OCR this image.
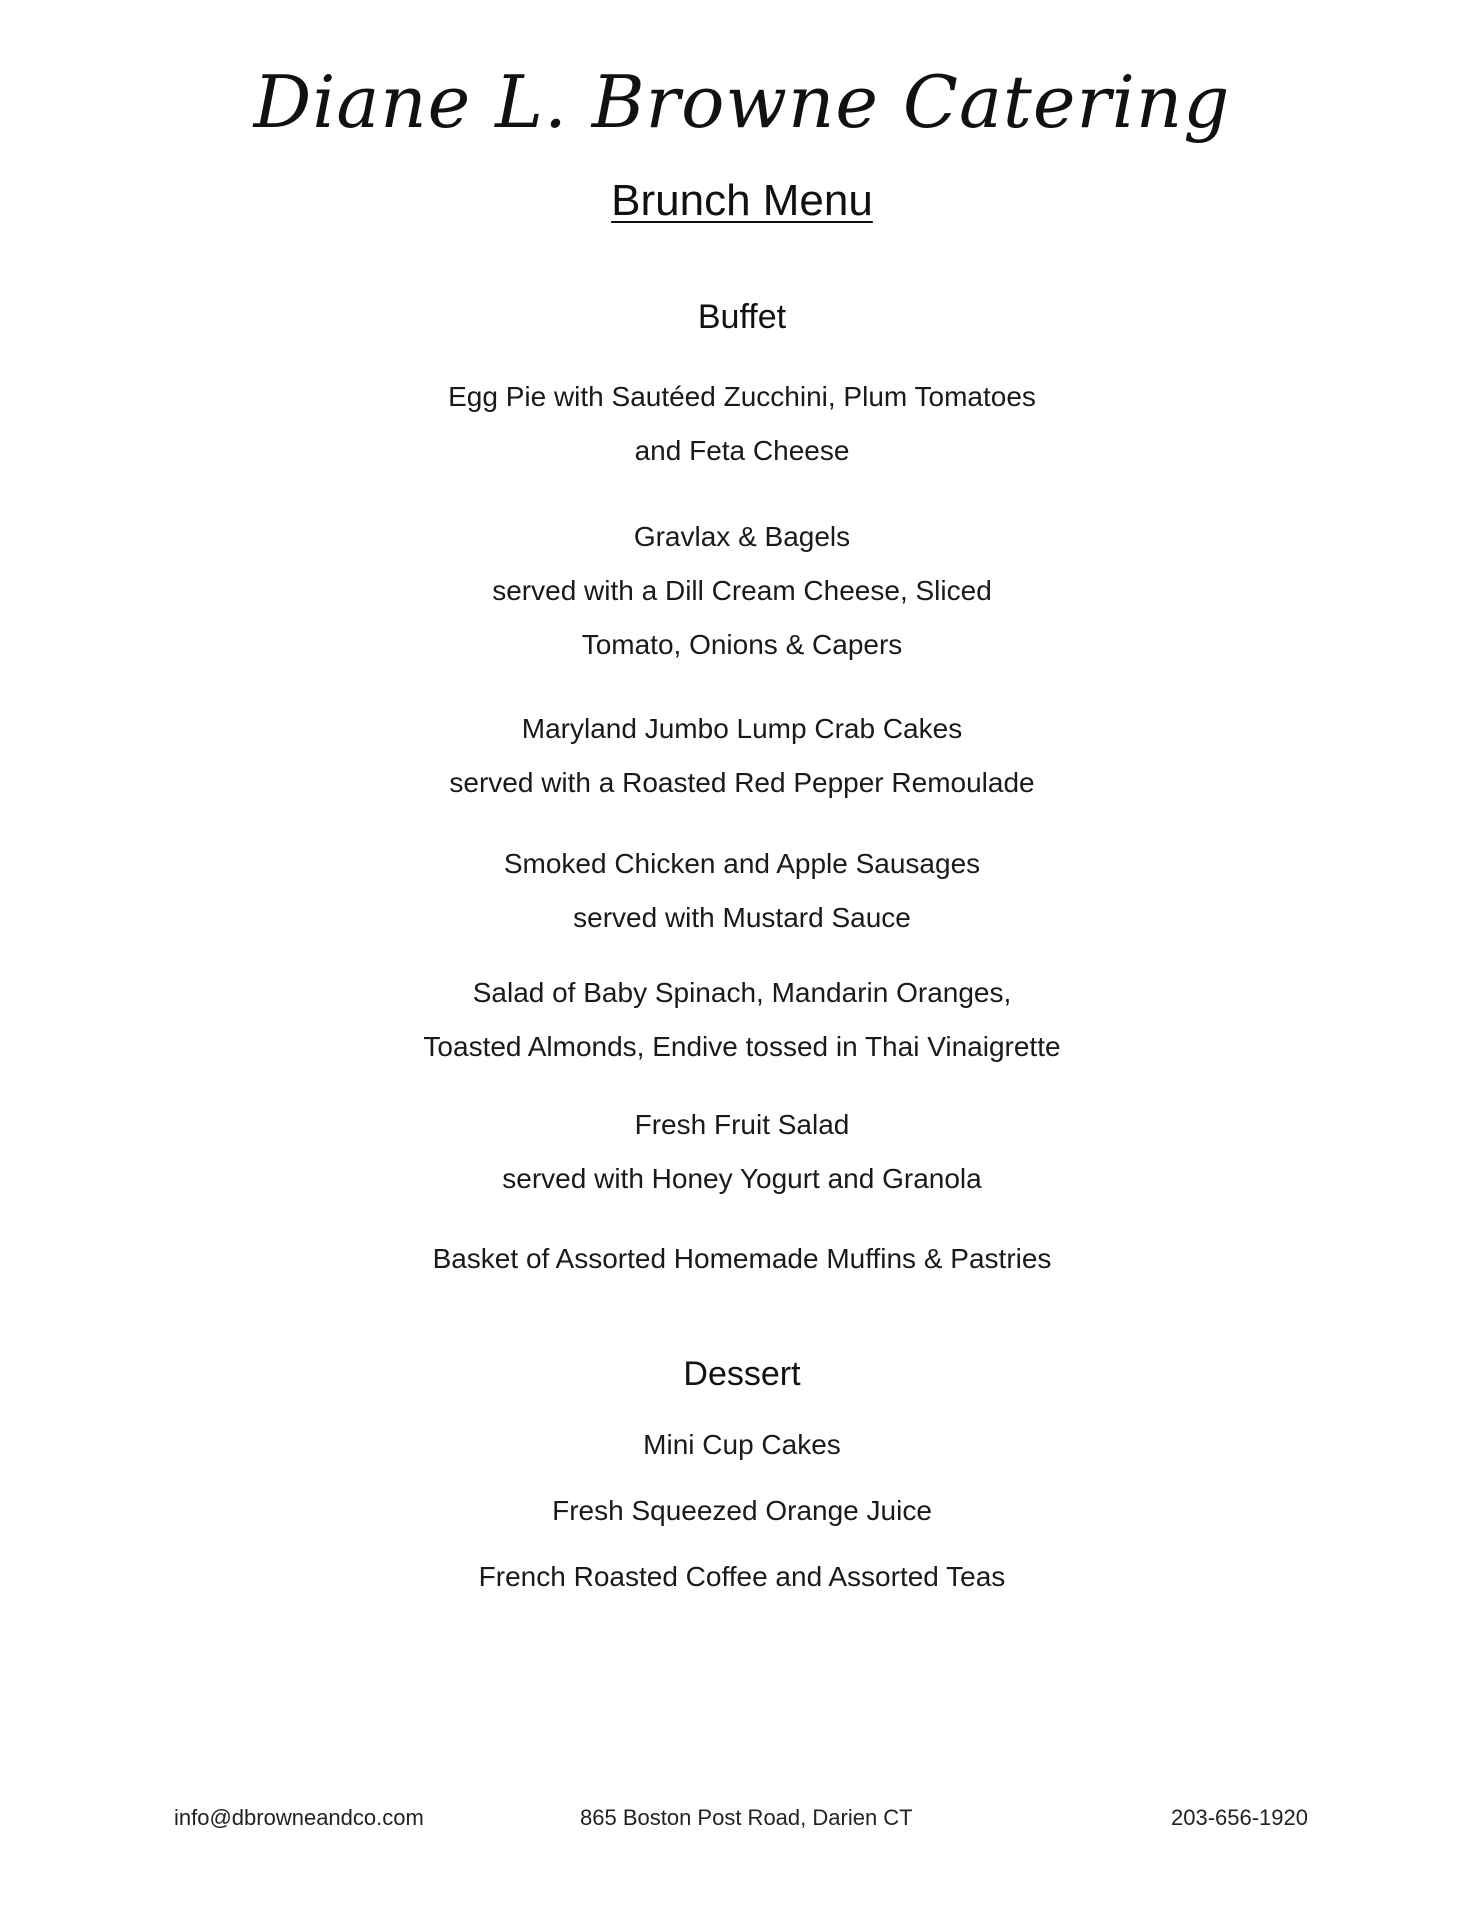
Diane L. Browne Catering
Brunch Menu
Buffet
Egg Pie with Sautéed Zucchini, Plum Tomatoes
and Feta Cheese
Gravlax & Bagels
served with a Dill Cream Cheese, Sliced
Tomato, Onions & Capers
Maryland Jumbo Lump Crab Cakes
served with a Roasted Red Pepper Remoulade
Smoked Chicken and Apple Sausages
served with Mustard Sauce
Salad of Baby Spinach, Mandarin Oranges,
Toasted Almonds, Endive tossed in Thai Vinaigrette
Fresh Fruit Salad
served with Honey Yogurt and Granola
Basket of Assorted Homemade Muffins & Pastries
Dessert
Mini Cup Cakes
Fresh Squeezed Orange Juice
French Roasted Coffee and Assorted Teas
info@dbrowneandco.com	865 Boston Post Road, Darien CT	203-656-1920
